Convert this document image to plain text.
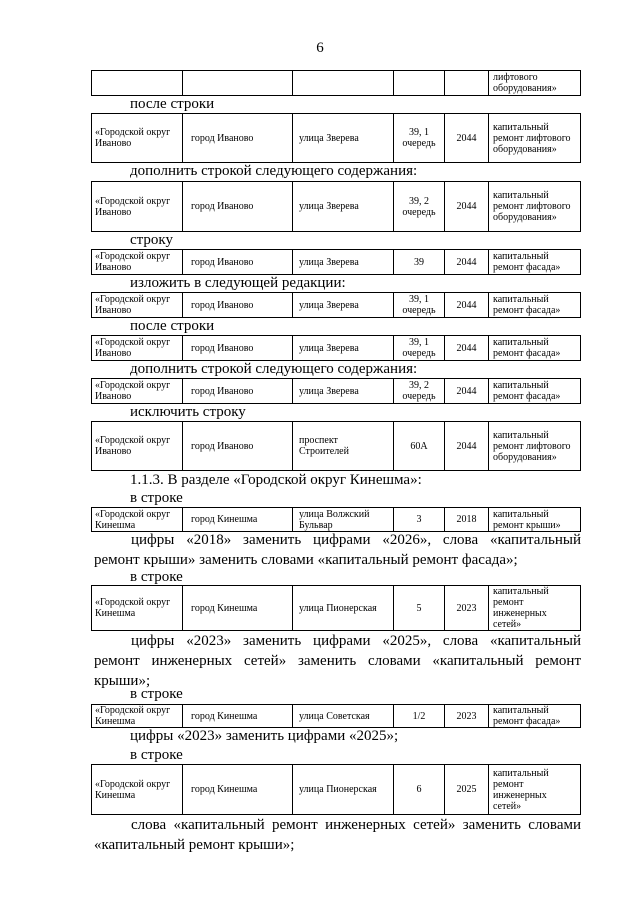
6
					лифтового оборудования»
после строки
«Городской округ Иваново	город Иваново	улица Зверева	39, 1 очередь	2044	капитальный ремонт лифтового оборудования»
дополнить строкой следующего содержания:
«Городской округ Иваново	город Иваново	улица Зверева	39, 2 очередь	2044	капитальный ремонт лифтового оборудования»
строку
«Городской округ Иваново	город Иваново	улица Зверева	39	2044	капитальный ремонт фасада»
изложить в следующей редакции:
«Городской округ Иваново	город Иваново	улица Зверева	39, 1 очередь	2044	капитальный ремонт фасада»
после строки
«Городской округ Иваново	город Иваново	улица Зверева	39, 1 очередь	2044	капитальный ремонт фасада»
дополнить строкой следующего содержания:
«Городской округ Иваново	город Иваново	улица Зверева	39, 2 очередь	2044	капитальный ремонт фасада»
исключить строку
«Городской округ Иваново	город Иваново	проспект Строителей	60А	2044	капитальный ремонт лифтового оборудования»
1.1.3. В разделе «Городской округ Кинешма»:
в строке
«Городской округ Кинешма	город Кинешма	улица Волжский Бульвар	3	2018	капитальный ремонт крыши»
цифры «2018» заменить цифрами «2026», слова «капитальный ремонт крыши» заменить словами «капитальный ремонт фасада»;
в строке
«Городской округ Кинешма	город Кинешма	улица Пионерская	5	2023	капитальный ремонт инженерных сетей»
цифры «2023» заменить цифрами «2025», слова «капитальный ремонт инженерных сетей» заменить словами «капитальный ремонт крыши»;
в строке
«Городской округ Кинешма	город Кинешма	улица Советская	1/2	2023	капитальный ремонт фасада»
цифры «2023» заменить цифрами «2025»;
в строке
«Городской округ Кинешма	город Кинешма	улица Пионерская	6	2025	капитальный ремонт инженерных сетей»
слова «капитальный ремонт инженерных сетей» заменить словами «капитальный ремонт крыши»;
